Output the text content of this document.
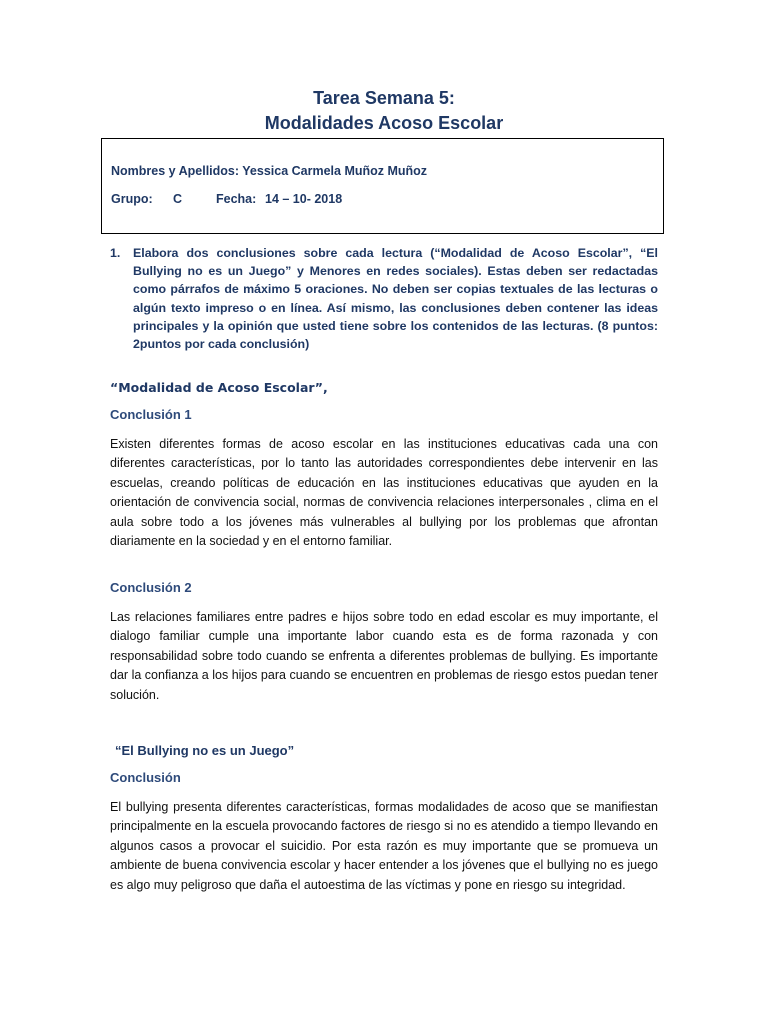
Tarea Semana 5:
Modalidades Acoso Escolar
Nombres y Apellidos: Yessica Carmela Muñoz Muñoz
Grupo: C	Fecha: 14 – 10- 2018
1. Elabora dos conclusiones sobre cada lectura (“Modalidad de Acoso Escolar”, “El Bullying no es un Juego” y Menores en redes sociales). Estas deben ser redactadas como párrafos de máximo 5 oraciones. No deben ser copias textuales de las lecturas o algún texto impreso o en línea. Así mismo, las conclusiones deben contener las ideas principales y la opinión que usted tiene sobre los contenidos de las lecturas. (8 puntos: 2puntos por cada conclusión)
“Modalidad de Acoso Escolar”,
Conclusión 1
Existen diferentes formas de acoso escolar en las instituciones educativas cada una con diferentes características, por lo tanto las autoridades correspondientes debe intervenir en las escuelas, creando políticas de educación en las instituciones educativas que ayuden en la orientación de convivencia social, normas de convivencia relaciones interpersonales , clima en el aula sobre todo a los jóvenes más vulnerables al bullying por los problemas que afrontan diariamente en la sociedad y en el entorno familiar.
Conclusión 2
Las relaciones familiares entre padres e hijos sobre todo en edad escolar es muy importante, el dialogo familiar cumple una importante labor cuando esta es de forma razonada y con responsabilidad sobre todo cuando se enfrenta a diferentes problemas de bullying. Es importante dar la confianza a los hijos para cuando se encuentren en problemas de riesgo estos puedan tener solución.
“El Bullying no es un Juego”
Conclusión
El bullying presenta diferentes características, formas modalidades de acoso que se manifiestan principalmente en la escuela provocando factores de riesgo si no es atendido a tiempo llevando en algunos casos a provocar el suicidio. Por esta razón es muy importante que se promueva un ambiente de buena convivencia escolar y hacer entender a los jóvenes que el bullying no es juego es algo muy peligroso que daña el autoestima de las víctimas y pone en riesgo su integridad.
